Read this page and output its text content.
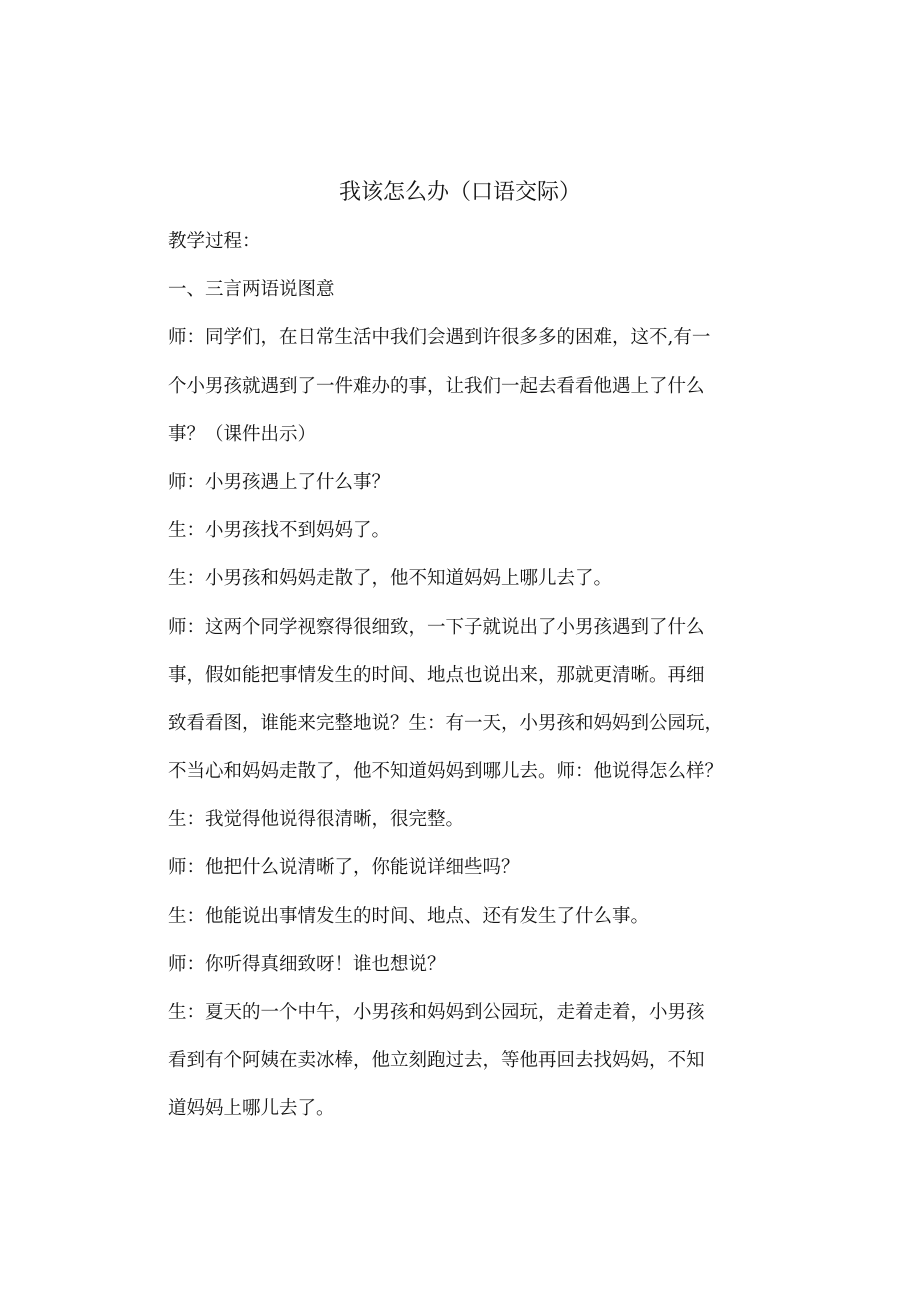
我该怎么办（口语交际）
教学过程：
一、三言两语说图意
师：同学们，在日常生活中我们会遇到许很多多的困难，这不,有一
个小男孩就遇到了一件难办的事，让我们一起去看看他遇上了什么
事？（课件出示）
师：小男孩遇上了什么事？
生：小男孩找不到妈妈了。
生：小男孩和妈妈走散了，他不知道妈妈上哪儿去了。
师：这两个同学视察得很细致，一下子就说出了小男孩遇到了什么
事，假如能把事情发生的时间、地点也说出来，那就更清晰。再细
致看看图，谁能来完整地说？生：有一天，小男孩和妈妈到公园玩，
不当心和妈妈走散了，他不知道妈妈到哪儿去。师：他说得怎么样？
生：我觉得他说得很清晰，很完整。
师：他把什么说清晰了，你能说详细些吗？
生：他能说出事情发生的时间、地点、还有发生了什么事。
师：你听得真细致呀！谁也想说？
生：夏天的一个中午，小男孩和妈妈到公园玩，走着走着，小男孩
看到有个阿姨在卖冰棒，他立刻跑过去，等他再回去找妈妈，不知
道妈妈上哪儿去了。
